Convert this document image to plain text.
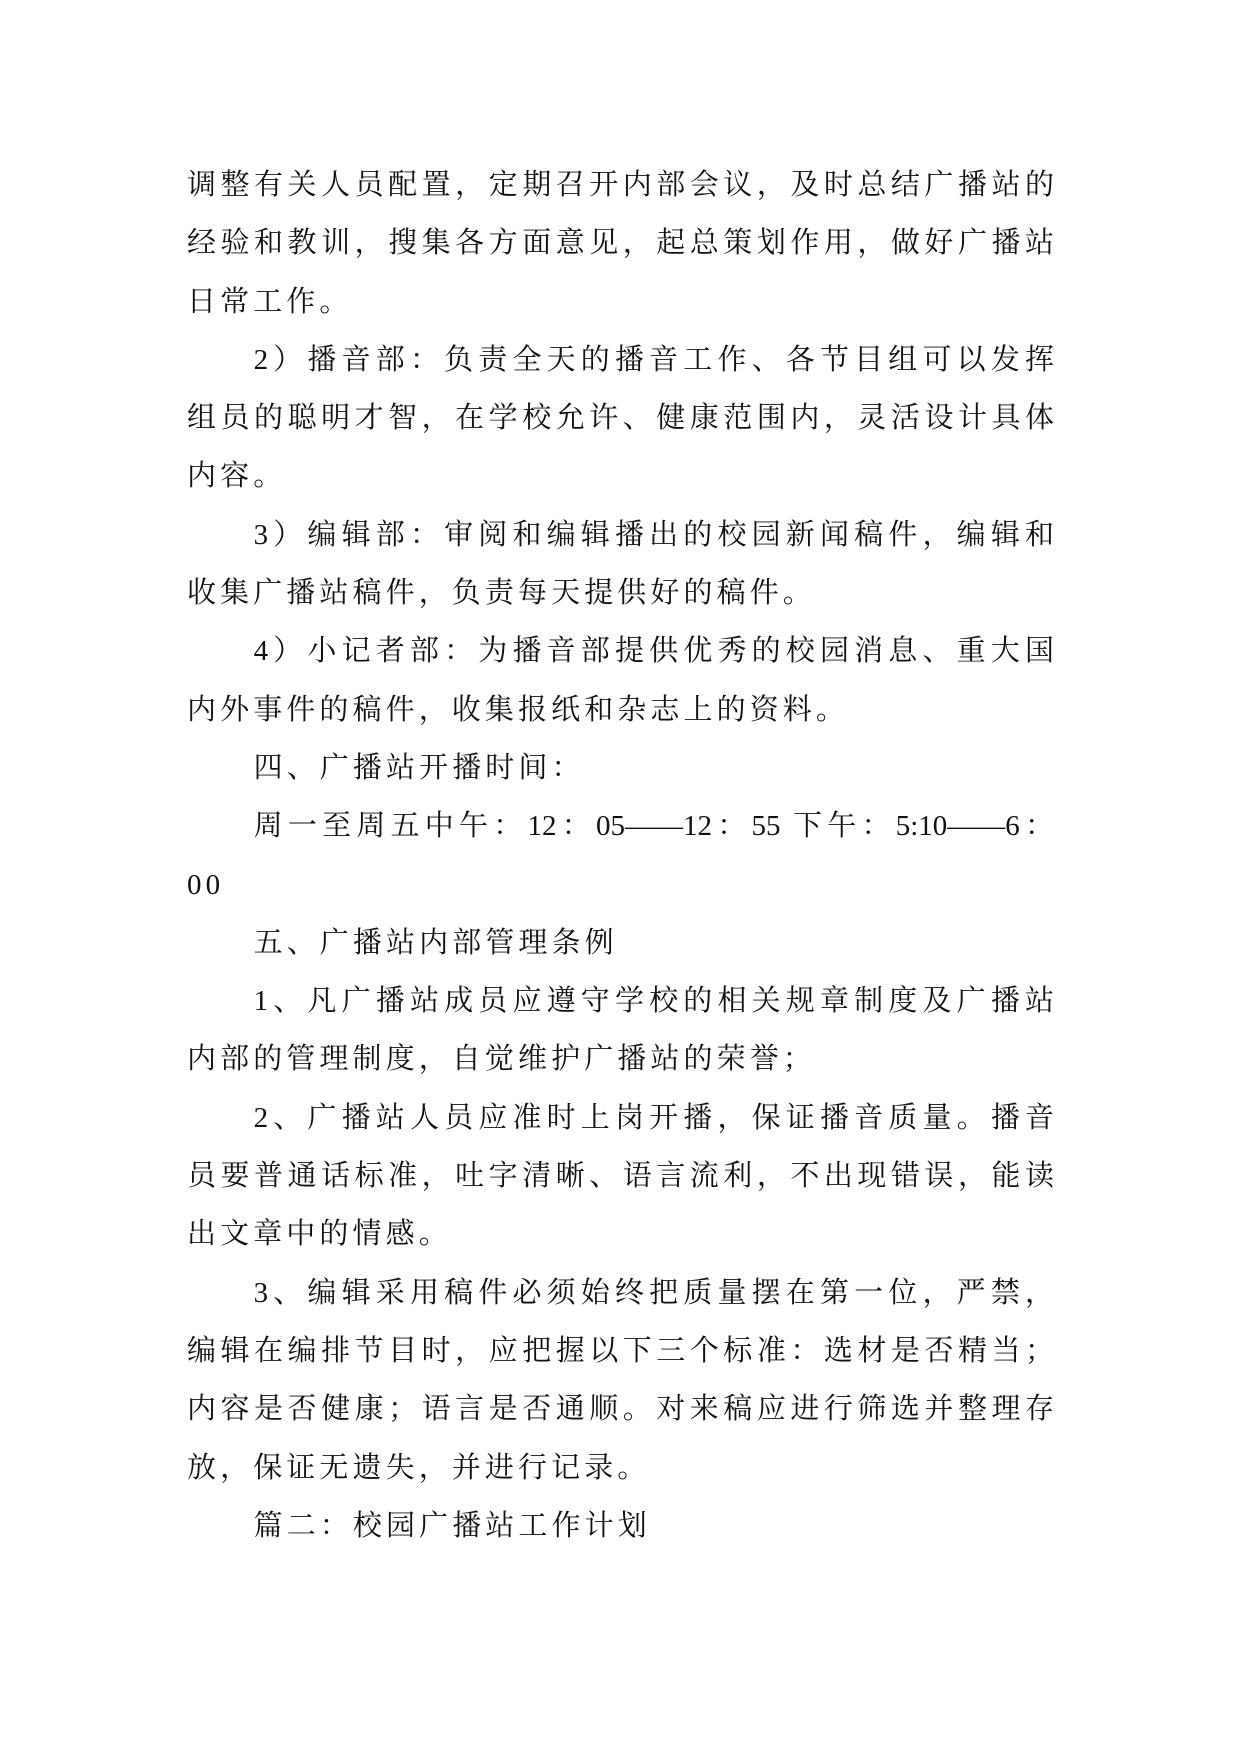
调整有关人员配置，定期召开内部会议，及时总结广播站的
经验和教训，搜集各方面意见，起总策划作用，做好广播站
日常工作。
2）播音部：负责全天的播音工作、各节目组可以发挥
组员的聪明才智，在学校允许、健康范围内，灵活设计具体
内容。
3）编辑部：审阅和编辑播出的校园新闻稿件，编辑和
收集广播站稿件，负责每天提供好的稿件。
4）小记者部：为播音部提供优秀的校园消息、重大国
内外事件的稿件，收集报纸和杂志上的资料。
四、广播站开播时间：
周一至周五中午：12：05——12：55 下午：5:10——6：
00
五、广播站内部管理条例
1、凡广播站成员应遵守学校的相关规章制度及广播站
内部的管理制度，自觉维护广播站的荣誉；
2、广播站人员应准时上岗开播，保证播音质量。播音
员要普通话标准，吐字清晰、语言流利，不出现错误，能读
出文章中的情感。
3、编辑采用稿件必须始终把质量摆在第一位，严禁，
编辑在编排节目时，应把握以下三个标准：选材是否精当；
内容是否健康；语言是否通顺。对来稿应进行筛选并整理存
放，保证无遗失，并进行记录。
篇二：校园广播站工作计划
